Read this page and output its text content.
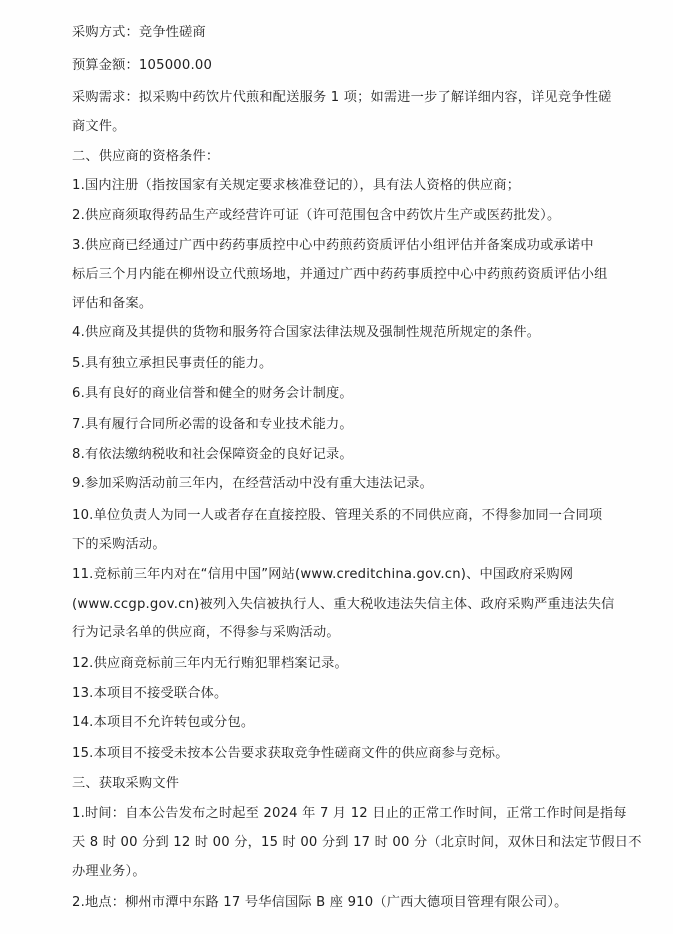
采购方式：竞争性磋商
预算金额：105000.00
采购需求：拟采购中药饮片代煎和配送服务 1 项；如需进一步了解详细内容，详见竞争性磋
商文件。
二、供应商的资格条件：
1.国内注册（指按国家有关规定要求核准登记的），具有法人资格的供应商；
2.供应商须取得药品生产或经营许可证（许可范围包含中药饮片生产或医药批发）。
3.供应商已经通过广西中药药事质控中心中药煎药资质评估小组评估并备案成功或承诺中
标后三个月内能在柳州设立代煎场地，并通过广西中药药事质控中心中药煎药资质评估小组
评估和备案。
4.供应商及其提供的货物和服务符合国家法律法规及强制性规范所规定的条件。
5.具有独立承担民事责任的能力。
6.具有良好的商业信誉和健全的财务会计制度。
7.具有履行合同所必需的设备和专业技术能力。
8.有依法缴纳税收和社会保障资金的良好记录。
9.参加采购活动前三年内，在经营活动中没有重大违法记录。
10.单位负责人为同一人或者存在直接控股、管理关系的不同供应商，不得参加同一合同项
下的采购活动。
11.竞标前三年内对在“信用中国”网站(www.creditchina.gov.cn)、中国政府采购网
(www.ccgp.gov.cn)被列入失信被执行人、重大税收违法失信主体、政府采购严重违法失信
行为记录名单的供应商，不得参与采购活动。
12.供应商竞标前三年内无行贿犯罪档案记录。
13.本项目不接受联合体。
14.本项目不允许转包或分包。
15.本项目不接受未按本公告要求获取竞争性磋商文件的供应商参与竞标。
三、获取采购文件
1.时间：自本公告发布之时起至 2024 年 7 月 12 日止的正常工作时间，正常工作时间是指每
天 8 时 00 分到 12 时 00 分，15 时 00 分到 17 时 00 分（北京时间，双休日和法定节假日不
办理业务）。
2.地点：柳州市潭中东路 17 号华信国际 B 座 910（广西大德项目管理有限公司）。
